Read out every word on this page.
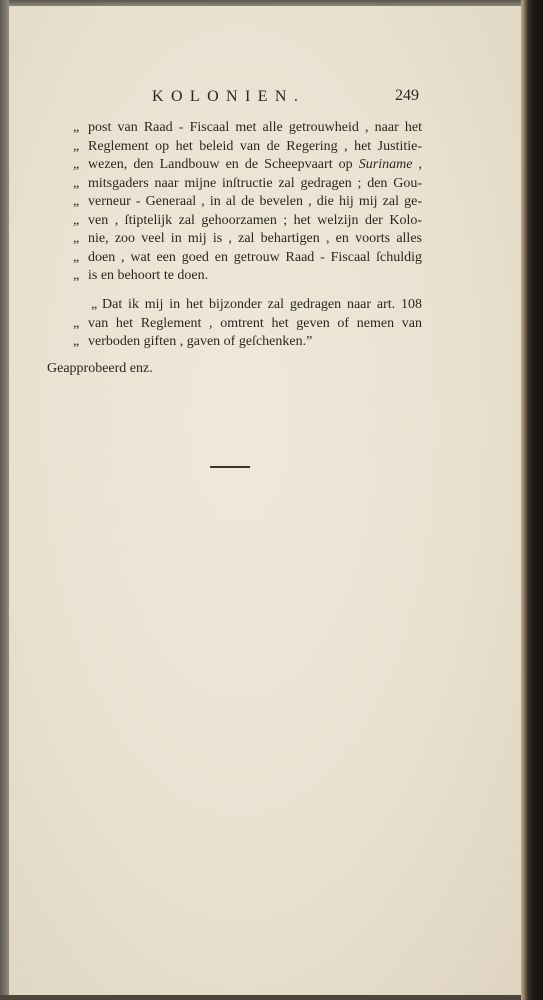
KOLONIEN.	249
„ post van Raad - Fiscaal met alle getrouwheid , naar het
„ Reglement op het beleid van de Regering , het Justitie-
„ wezen, den Landbouw en de Scheepvaart op Suriname ,
„ mitsgaders naar mijne inſtructie zal gedragen ; den Gou-
„ verneur - Generaal , in al de bevelen , die hij mij zal ge-
„ ven , ſtiptelijk zal gehoorzamen ; het welzijn der Kolo-
„ nie, zoo veel in mij is , zal behartigen , en voorts alles
„ doen , wat een goed en getrouw Raad - Fiscaal ſchuldig
„ is en behoort te doen.
„ Dat ik mij in het bijzonder zal gedragen naar art. 108
„ van het Reglement , omtrent het geven of nemen van
„ verboden giften , gaven of geſchenken.”
Geapprobeerd enz.
